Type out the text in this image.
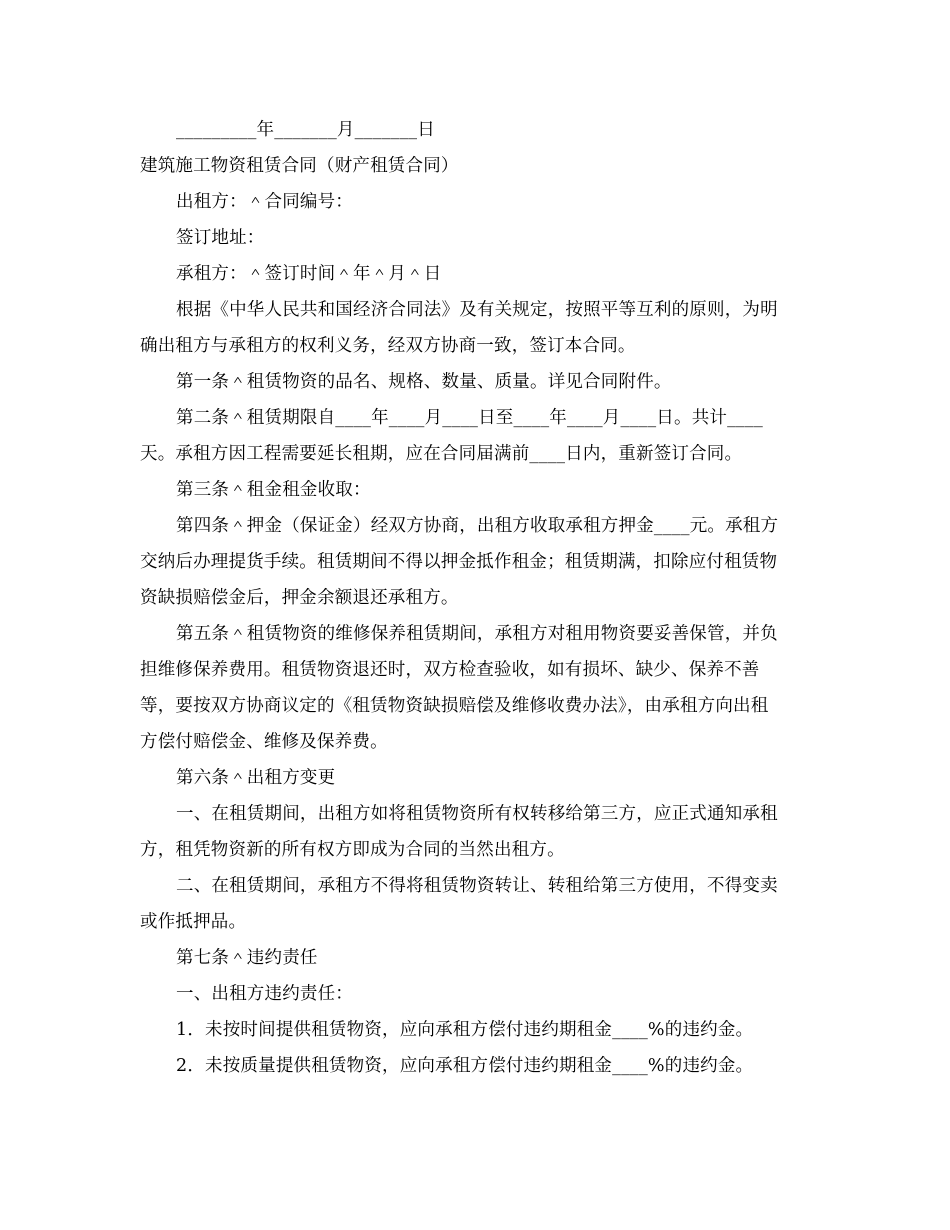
_________年_______月_______日
建筑施工物资租赁合同（财产租赁合同）
出租方：＾合同编号：
签订地址：
承租方：＾签订时间＾年＾月＾日
根据《中华人民共和国经济合同法》及有关规定，按照平等互利的原则，为明
确出租方与承租方的权利义务，经双方协商一致，签订本合同。
第一条＾租赁物资的品名、规格、数量、质量。详见合同附件。
第二条＾租赁期限自____年____月____日至____年____月____日。共计____
天。承租方因工程需要延长租期，应在合同届满前____日内，重新签订合同。
第三条＾租金租金收取：
第四条＾押金（保证金）经双方协商，出租方收取承租方押金____元。承租方
交纳后办理提货手续。租赁期间不得以押金抵作租金；租赁期满，扣除应付租赁物
资缺损赔偿金后，押金余额退还承租方。
第五条＾租赁物资的维修保养租赁期间，承租方对租用物资要妥善保管，并负
担维修保养费用。租赁物资退还时，双方检查验收，如有损坏、缺少、保养不善
等，要按双方协商议定的《租赁物资缺损赔偿及维修收费办法》，由承租方向出租
方偿付赔偿金、维修及保养费。
第六条＾出租方变更
一、在租赁期间，出租方如将租赁物资所有权转移给第三方，应正式通知承租
方，租凭物资新的所有权方即成为合同的当然出租方。
二、在租赁期间，承租方不得将租赁物资转让、转租给第三方使用，不得变卖
或作抵押品。
第七条＾违约责任
一、出租方违约责任：
1．未按时间提供租赁物资，应向承租方偿付违约期租金____%的违约金。
2．未按质量提供租赁物资，应向承租方偿付违约期租金____%的违约金。
